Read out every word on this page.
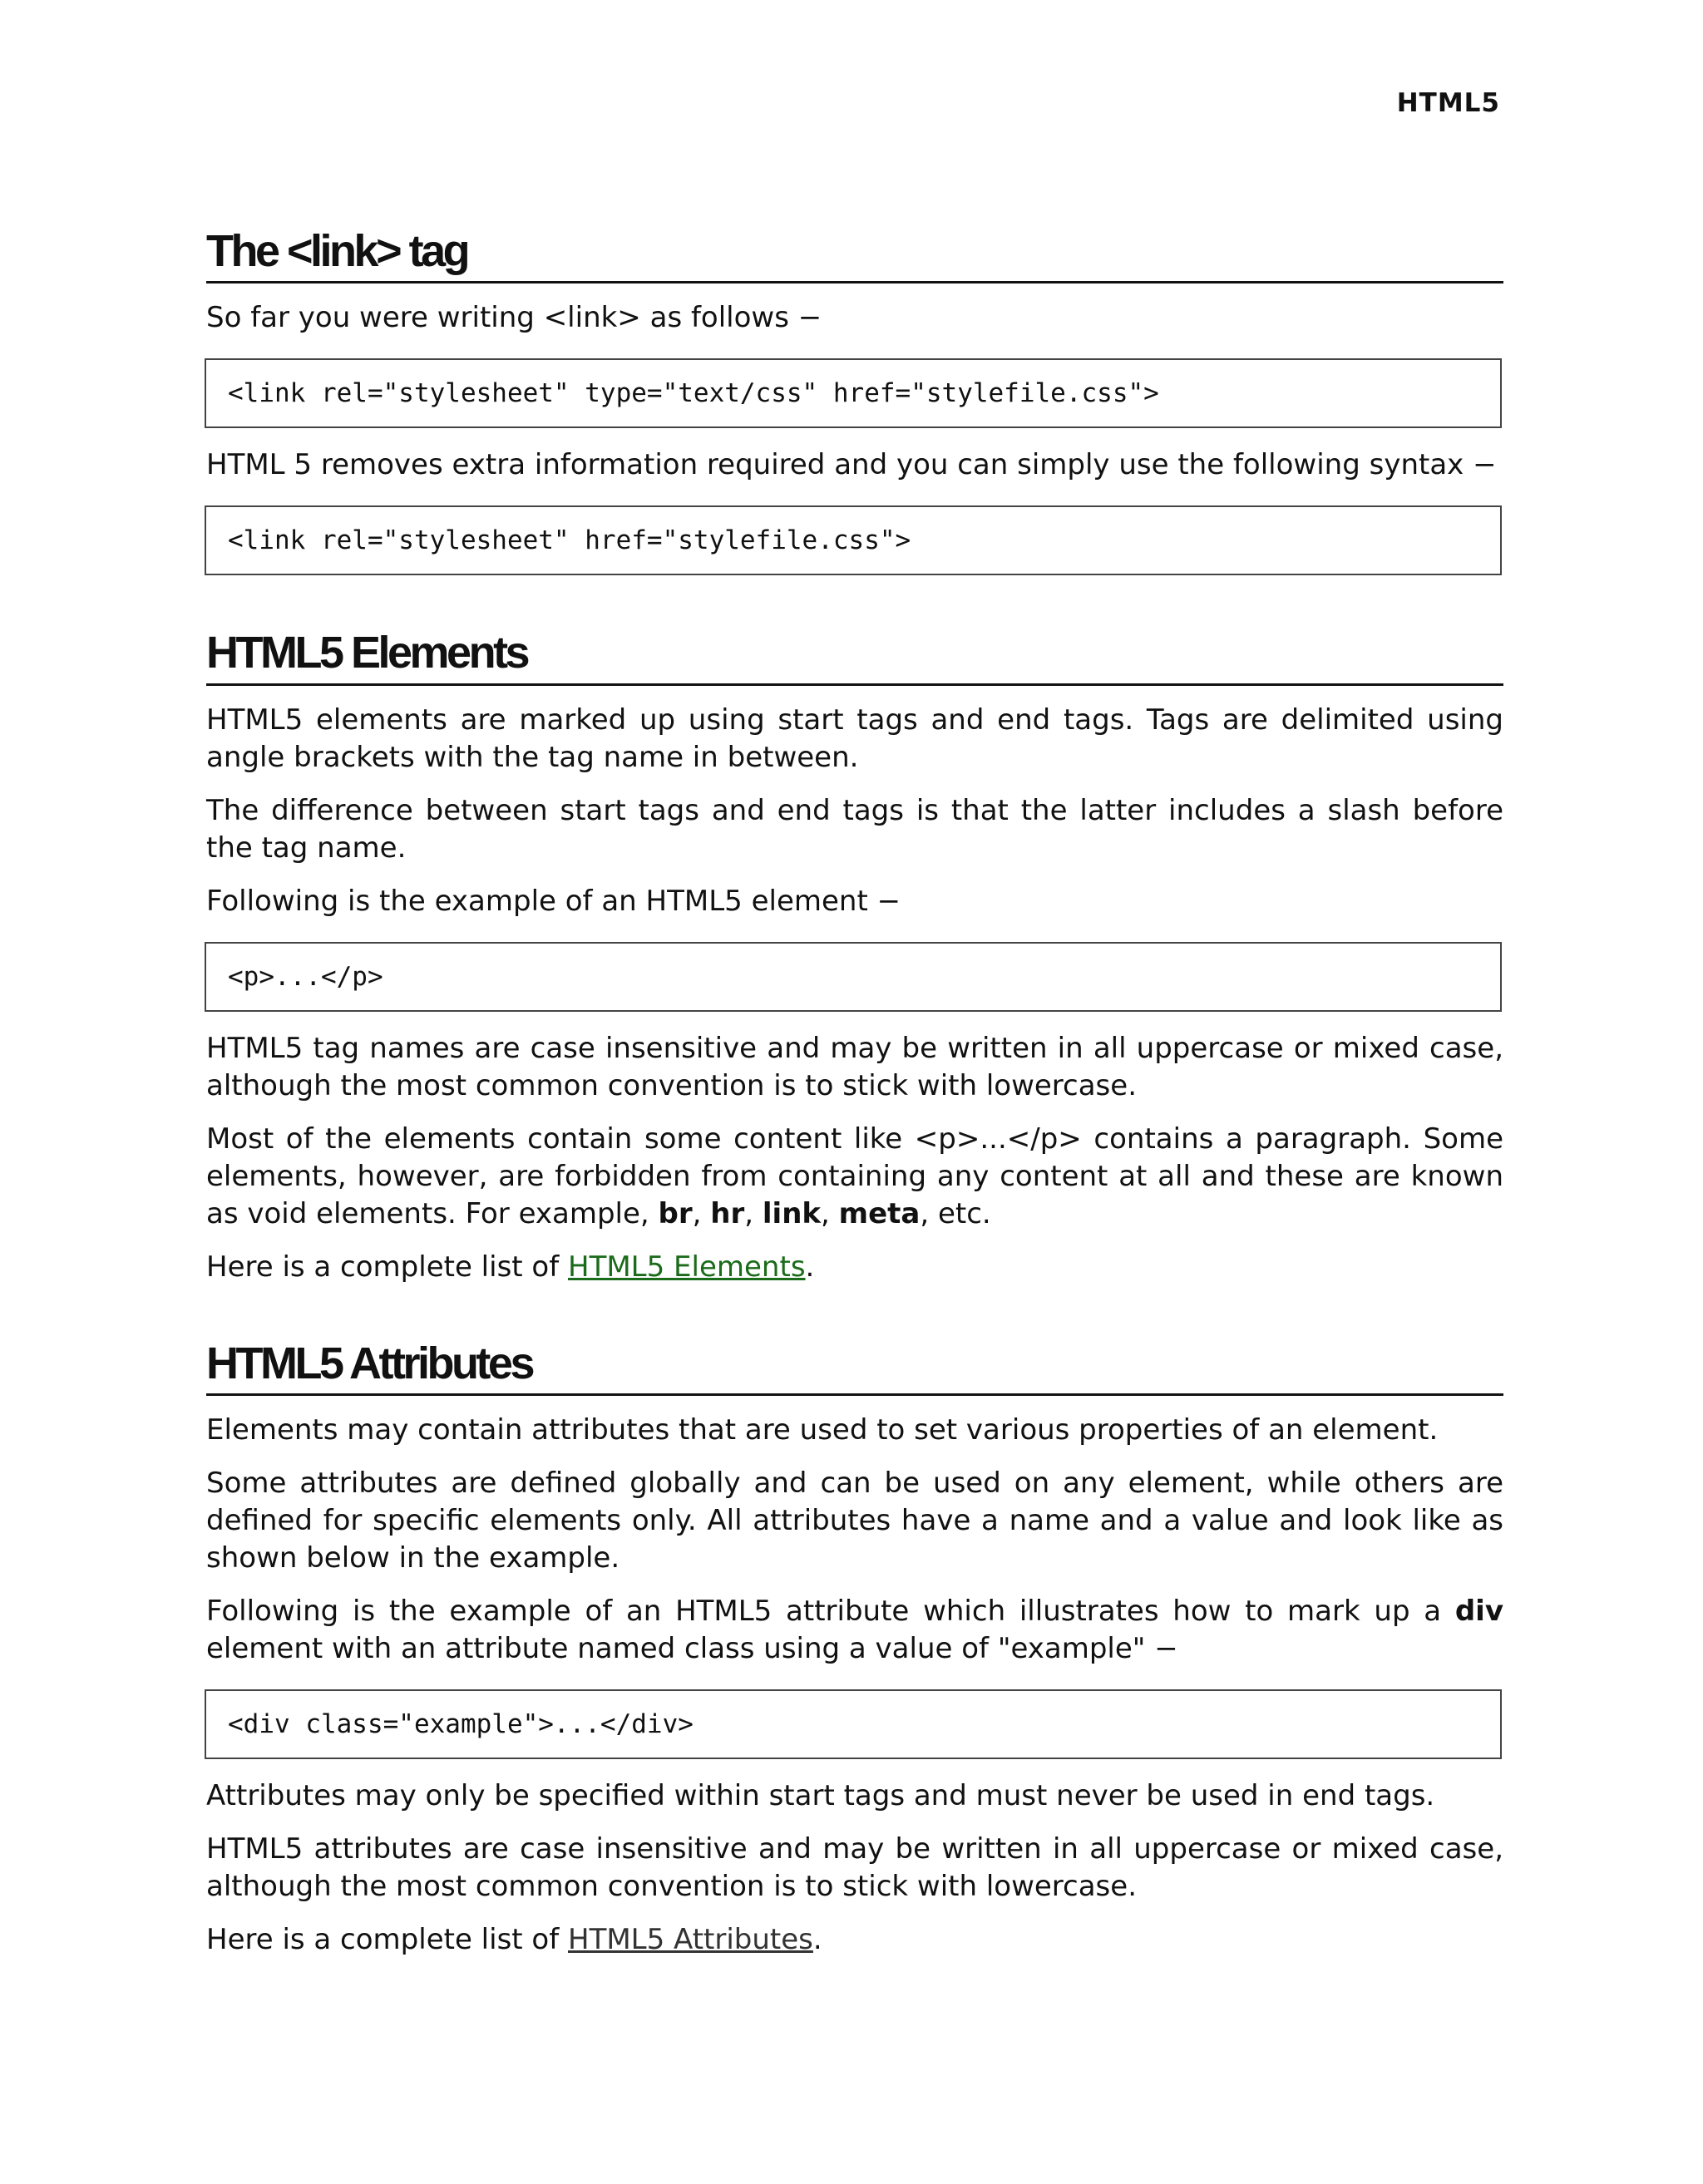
HTML5
The <link> tag

So far you were writing <link> as follows −

<link rel="stylesheet" type="text/css" href="stylefile.css">

HTML 5 removes extra information required and you can simply use the following syntax −

<link rel="stylesheet" href="stylefile.css">
HTML5 Elements

HTML5 elements are marked up using start tags and end tags. Tags are delimited using angle brackets with the tag name in between.

The difference between start tags and end tags is that the latter includes a slash before the tag name.

Following is the example of an HTML5 element −

<p>...</p>

HTML5 tag names are case insensitive and may be written in all uppercase or mixed case, although the most common convention is to stick with lowercase.

Most of the elements contain some content like <p>...</p> contains a paragraph. Some elements, however, are forbidden from containing any content at all and these are known as void elements. For example, br, hr, link, meta, etc.

Here is a complete list of HTML5 Elements.

HTML5 Attributes

Elements may contain attributes that are used to set various properties of an element.

Some attributes are defined globally and can be used on any element, while others are defined for specific elements only. All attributes have a name and a value and look like as shown below in the example.

Following is the example of an HTML5 attribute which illustrates how to mark up a div element with an attribute named class using a value of "example" −

<div class="example">...</div>

Attributes may only be specified within start tags and must never be used in end tags.

HTML5 attributes are case insensitive and may be written in all uppercase or mixed case, although the most common convention is to stick with lowercase.

Here is a complete list of HTML5 Attributes.
